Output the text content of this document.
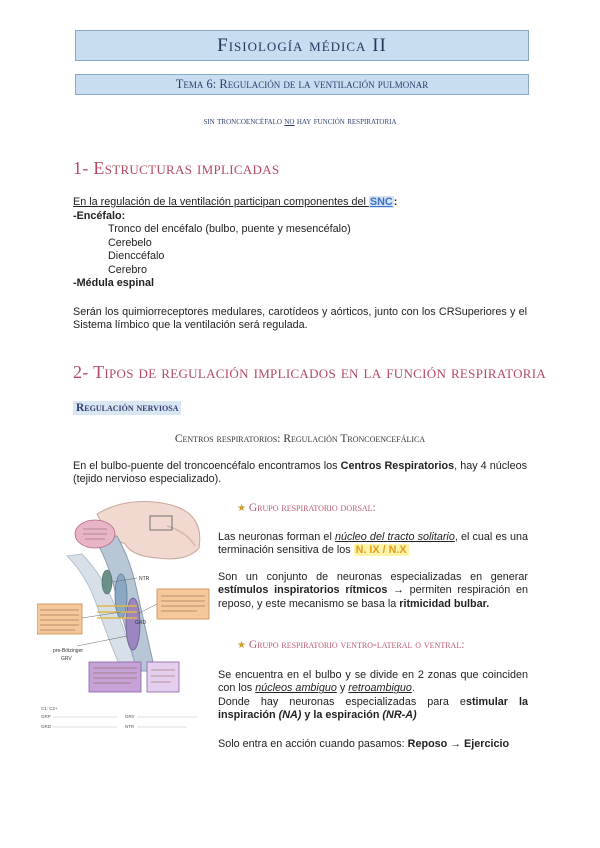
Fisiología médica II
Tema 6: Regulación de la ventilación pulmonar
sin troncoencéfalo no hay función respiratoria
1- Estructuras implicadas
En la regulación de la ventilación participan componentes del SNC:
-Encéfalo:
Tronco del encéfalo (bulbo, puente y mesencéfalo)
Cerebelo
Dienccéfalo
Cerebro
-Médula espinal
Serán los quimiorreceptores medulares, carotídeos y aórticos, junto con los CRSuperiores y el Sistema límbico que la ventilación será regulada.
2- Tipos de regulación implicados en la función respiratoria
Regulación nerviosa
Centros respiratorios: Regulación Troncoencefálica
En el bulbo-puente del troncoencéfalo encontramos los Centros Respiratorios, hay 4 núcleos (tejido nervioso especializado).
★ Grupo respiratorio dorsal:
Las neuronas forman el núcleo del tracto solitario, el cual es una terminación sensitiva de los N. IX / N.X
Son un conjunto de neuronas especializadas en generar estímulos inspiratorios rítmicos → permiten respiración en reposo, y este mecanismo se basa la ritmicidad bulbar.
★ Grupo respiratorio ventro-lateral o ventral:
Se encuentra en el bulbo y se divide en 2 zonas que coinciden con los núcleos ambiguo y retroambiguo.
Donde hay neuronas especializadas para estimular la inspiración (NA) y la espiración (NR-A)
Solo entra en acción cuando pasamos: Reposo → Ejercicio
NTR
GRD
pre-Bötzinger
GRV
C1: C2+
GRP	GRV
GRD	NTR
